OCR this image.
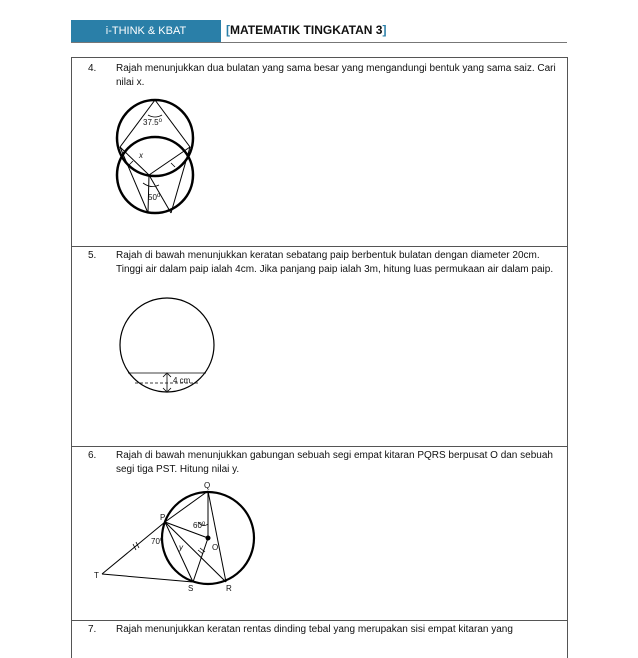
i-THINK & KBAT	[MATEMATIK TINGKATAN 3]
4.	Rajah menunjukkan dua bulatan yang sama besar yang mengandungi bentuk yang sama saiz. Cari nilai x.
37.5$^o$
x
50$^o$
5.	Rajah di bawah menunjukkan keratan sebatang paip berbentuk bulatan dengan diameter 20cm. Tinggi air dalam paip ialah 4cm. Jika panjang paip ialah 3m, hitung luas permukaan air dalam paip.
4 cm
6.	Rajah di bawah menunjukkan gabungan sebuah segi empat kitaran PQRS berpusat O dan sebuah segi tiga PST. Hitung nilai y.
Q
P
60$^o$
70$^o$
y	O
T
S	R
7.	Rajah menunjukkan keratan rentas dinding tebal yang merupakan sisi empat kitaran yang
